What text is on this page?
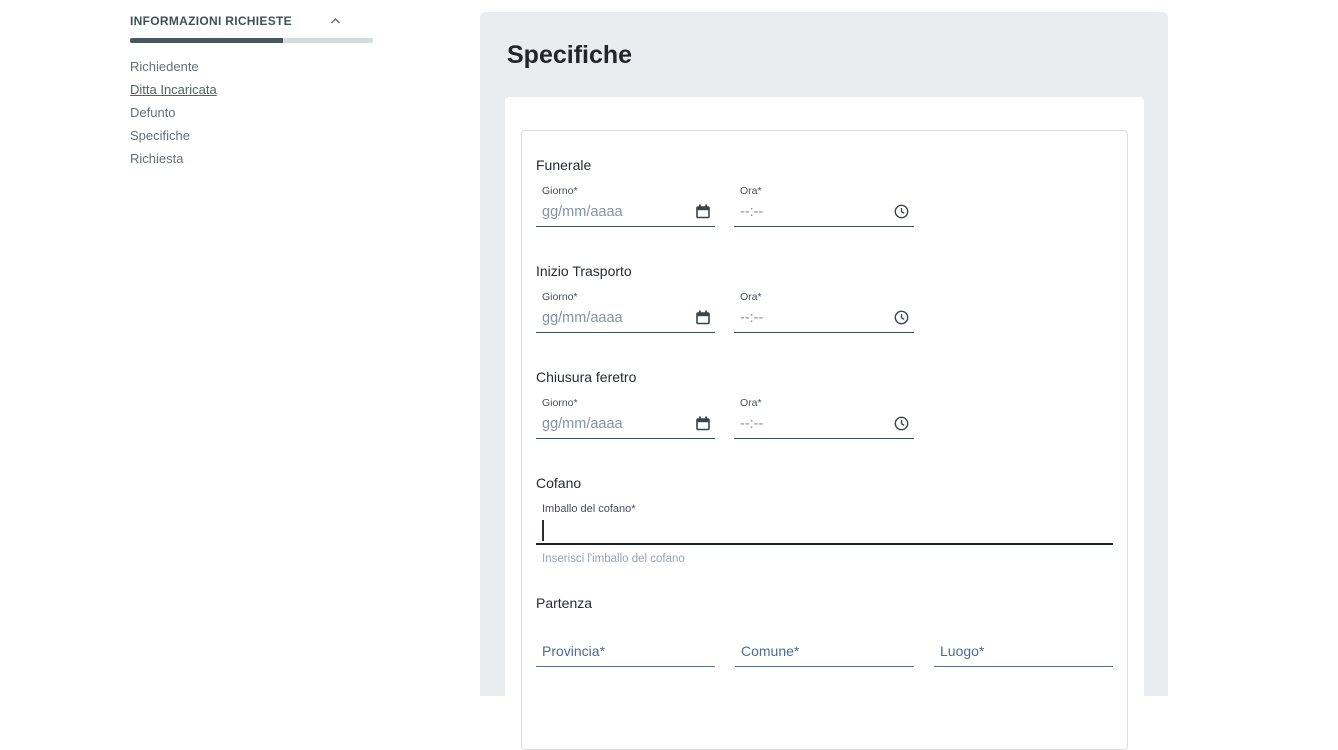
INFORMAZIONI RICHIESTE
Richiedente
Ditta Incaricata
Defunto
Specifiche
Richiesta
Specifiche
Funerale
Giorno*
gg/mm/aaaa
Ora*
--:--
Inizio Trasporto
Giorno*
gg/mm/aaaa
Ora*
--:--
Chiusura feretro
Giorno*
gg/mm/aaaa
Ora*
--:--
Cofano
Imballo del cofano*
Inserisci l'imballo del cofano
Partenza
Provincia*	Comune*	Luogo*
